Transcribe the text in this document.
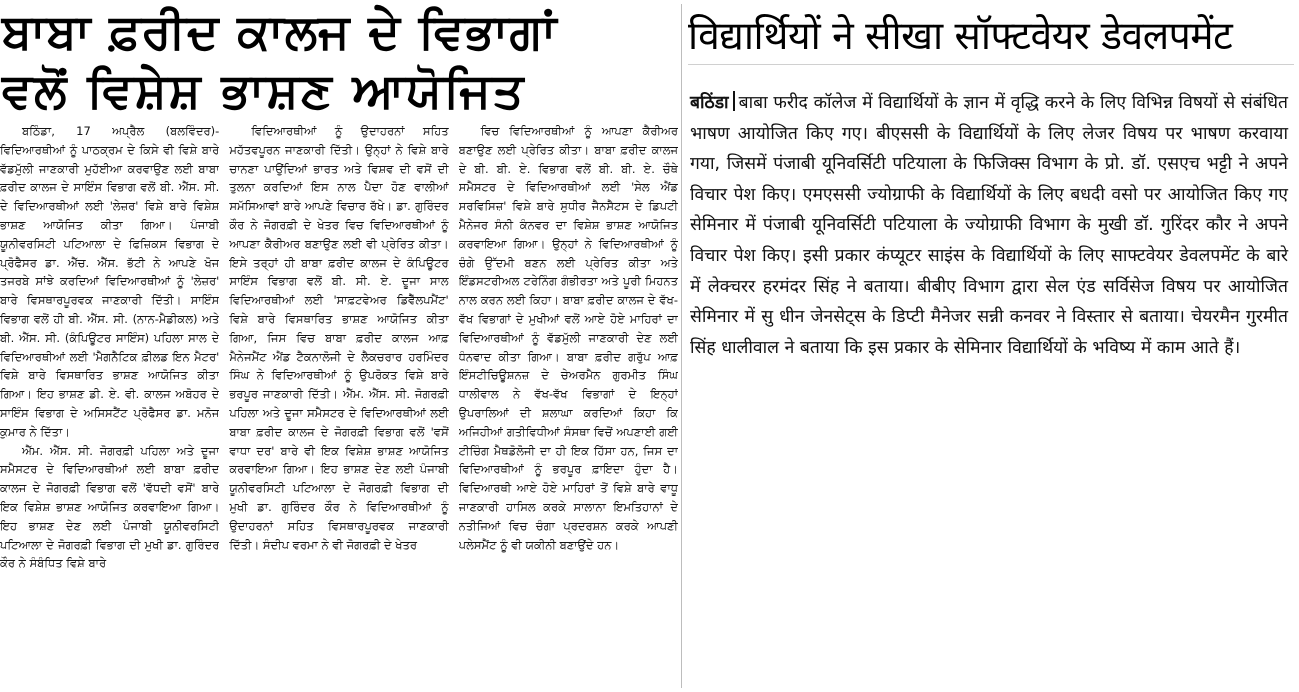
ਬਾਬਾ ਫ਼ਰੀਦ ਕਾਲਜ ਦੇ ਵਿਭਾਗਾਂ
ਵਲੋਂ ਵਿਸ਼ੇਸ਼ ਭਾਸ਼ਣ ਆਯੋਜਿਤ

ਬਠਿੰਡਾ, 17 ਅਪ੍ਰੈਲ (ਬਲਵਿੰਦਰ)- ਵਿਦਿਆਰਥੀਆਂ ਨੂੰ ਪਾਠਕ੍ਰਮ ਦੇ ਕਿਸੇ ਵੀ ਵਿਸ਼ੇ ਬਾਰੇ ਵੱਡਮੁੱਲੀ ਜਾਣਕਾਰੀ ਮੁਹੱਈਆ ਕਰਵਾਉਣ ਲਈ ਬਾਬਾ ਫ਼ਰੀਦ ਕਾਲਜ ਦੇ ਸਾਇੰਸ ਵਿਭਾਗ ਵਲੋਂ ਬੀ. ਐੱਸ. ਸੀ. ਦੇ ਵਿਦਿਆਰਥੀਆਂ ਲਈ 'ਲੇਜ਼ਰ' ਵਿਸ਼ੇ ਬਾਰੇ ਵਿਸ਼ੇਸ਼ ਭਾਸ਼ਣ ਆਯੋਜਿਤ ਕੀਤਾ ਗਿਆ। ਪੰਜਾਬੀ ਯੂਨੀਵਰਸਿਟੀ ਪਟਿਆਲਾ ਦੇ ਫਿਜ਼ਿਕਸ ਵਿਭਾਗ ਦੇ ਪ੍ਰੋਫੈਸਰ ਡਾ. ਐੱਚ. ਐੱਸ. ਭੱਟੀ ਨੇ ਆਪਣੇ ਖੋਜ ਤਜਰਬੇ ਸਾਂਝੇ ਕਰਦਿਆਂ ਵਿਦਿਆਰਥੀਆਂ ਨੂੰ 'ਲੇਜ਼ਰ' ਬਾਰੇ ਵਿਸਥਾਰਪੂਰਵਕ ਜਾਣਕਾਰੀ ਦਿੱਤੀ। ਸਾਇੰਸ ਵਿਭਾਗ ਵਲੋਂ ਹੀ ਬੀ. ਐੱਸ. ਸੀ. (ਨਾਨ-ਮੈਡੀਕਲ) ਅਤੇ ਬੀ. ਐੱਸ. ਸੀ. (ਕੰਪਿਊਟਰ ਸਾਇੰਸ) ਪਹਿਲਾ ਸਾਲ ਦੇ ਵਿਦਿਆਰਥੀਆਂ ਲਈ 'ਮੈਗਨੈਟਿਕ ਫ਼ੀਲਡ ਇਨ ਮੈਟਰ' ਵਿਸ਼ੇ ਬਾਰੇ ਵਿਸਥਾਰਿਤ ਭਾਸ਼ਣ ਆਯੋਜਿਤ ਕੀਤਾ ਗਿਆ। ਇਹ ਭਾਸ਼ਣ ਡੀ. ਏ. ਵੀ. ਕਾਲਜ ਅਬੋਹਰ ਦੇ ਸਾਇੰਸ ਵਿਭਾਗ ਦੇ ਅਸਿਸਟੈਂਟ ਪ੍ਰੋਫੈਸਰ ਡਾ. ਮਨੋਜ ਕੁਮਾਰ ਨੇ ਦਿੱਤਾ।

ਐੱਮ. ਐੱਸ. ਸੀ. ਜੋਗਰਫ਼ੀ ਪਹਿਲਾ ਅਤੇ ਦੂਜਾ ਸਮੈਸਟਰ ਦੇ ਵਿਦਿਆਰਥੀਆਂ ਲਈ ਬਾਬਾ ਫ਼ਰੀਦ ਕਾਲਜ ਦੇ ਜੋਗਰਫ਼ੀ ਵਿਭਾਗ ਵਲੋਂ 'ਵੱਧਦੀ ਵਸੋਂ' ਬਾਰੇ ਇਕ ਵਿਸ਼ੇਸ਼ ਭਾਸ਼ਣ ਆਯੋਜਿਤ ਕਰਵਾਇਆ ਗਿਆ। ਇਹ ਭਾਸ਼ਣ ਦੇਣ ਲਈ ਪੰਜਾਬੀ ਯੂਨੀਵਰਸਿਟੀ ਪਟਿਆਲਾ ਦੇ ਜੋਗਰਫ਼ੀ ਵਿਭਾਗ ਦੀ ਮੁਖੀ ਡਾ. ਗੁਰਿੰਦਰ ਕੌਰ ਨੇ ਸੰਬੰਧਿਤ ਵਿਸ਼ੇ ਬਾਰੇ

ਵਿਦਿਆਰਥੀਆਂ ਨੂੰ ਉਦਾਹਰਨਾਂ ਸਹਿਤ ਮਹੱਤਵਪੂਰਨ ਜਾਣਕਾਰੀ ਦਿੱਤੀ। ਉਨ੍ਹਾਂ ਨੇ ਵਿਸ਼ੇ ਬਾਰੇ ਚਾਨਣਾ ਪਾਉਂਦਿਆਂ ਭਾਰਤ ਅਤੇ ਵਿਸ਼ਵ ਦੀ ਵਸੋਂ ਦੀ ਤੁਲਨਾ ਕਰਦਿਆਂ ਇਸ ਨਾਲ ਪੈਦਾ ਹੋਣ ਵਾਲੀਆਂ ਸਮੱਸਿਆਵਾਂ ਬਾਰੇ ਆਪਣੇ ਵਿਚਾਰ ਰੱਖੇ। ਡਾ. ਗੁਰਿੰਦਰ ਕੌਰ ਨੇ ਜੋਗਰਫ਼ੀ ਦੇ ਖੇਤਰ ਵਿਚ ਵਿਦਿਆਰਥੀਆਂ ਨੂੰ ਆਪਣਾ ਕੈਰੀਅਰ ਬਣਾਉਣ ਲਈ ਵੀ ਪ੍ਰੇਰਿਤ ਕੀਤਾ। ਇਸੇ ਤਰ੍ਹਾਂ ਹੀ ਬਾਬਾ ਫ਼ਰੀਦ ਕਾਲਜ ਦੇ ਕੰਪਿਊਟਰ ਸਾਇੰਸ ਵਿਭਾਗ ਵਲੋਂ ਬੀ. ਸੀ. ਏ. ਦੂਜਾ ਸਾਲ ਵਿਦਿਆਰਥੀਆਂ ਲਈ 'ਸਾਫ਼ਟਵੇਅਰ ਡਿਵੈੱਲਪਮੈਂਟ' ਵਿਸ਼ੇ ਬਾਰੇ ਵਿਸਥਾਰਿਤ ਭਾਸ਼ਣ ਆਯੋਜਿਤ ਕੀਤਾ ਗਿਆ, ਜਿਸ ਵਿਚ ਬਾਬਾ ਫ਼ਰੀਦ ਕਾਲਜ ਆਫ਼ ਮੈਨੇਜਮੈਂਟ ਐਂਡ ਟੈਕਨਾਲੋਜੀ ਦੇ ਲੈਕਚਰਾਰ ਹਰਮਿੰਦਰ ਸਿੰਘ ਨੇ ਵਿਦਿਆਰਥੀਆਂ ਨੂੰ ਉਪਰੋਕਤ ਵਿਸ਼ੇ ਬਾਰੇ ਭਰਪੂਰ ਜਾਣਕਾਰੀ ਦਿੱਤੀ। ਐੱਮ. ਐੱਸ. ਸੀ. ਜੋਗਰਫ਼ੀ ਪਹਿਲਾ ਅਤੇ ਦੂਜਾ ਸਮੈਸਟਰ ਦੇ ਵਿਦਿਆਰਥੀਆਂ ਲਈ ਬਾਬਾ ਫ਼ਰੀਦ ਕਾਲਜ ਦੇ ਜੋਗਰਫ਼ੀ ਵਿਭਾਗ ਵਲੋਂ 'ਵਸੋਂ ਵਾਧਾ ਦਰ' ਬਾਰੇ ਵੀ ਇਕ ਵਿਸ਼ੇਸ਼ ਭਾਸ਼ਣ ਆਯੋਜਿਤ ਕਰਵਾਇਆ ਗਿਆ। ਇਹ ਭਾਸ਼ਣ ਦੇਣ ਲਈ ਪੰਜਾਬੀ ਯੂਨੀਵਰਸਿਟੀ ਪਟਿਆਲਾ ਦੇ ਜੋਗਰਫ਼ੀ ਵਿਭਾਗ ਦੀ ਮੁਖੀ ਡਾ. ਗੁਰਿੰਦਰ ਕੌਰ ਨੇ ਵਿਦਿਆਰਥੀਆਂ ਨੂੰ ਉਦਾਹਰਨਾਂ ਸਹਿਤ ਵਿਸਥਾਰਪੂਰਵਕ ਜਾਣਕਾਰੀ ਦਿੱਤੀ। ਸੰਦੀਪ ਵਰਮਾ ਨੇ ਵੀ ਜੋਗਰਫ਼ੀ ਦੇ ਖੇਤਰ

ਵਿਚ ਵਿਦਿਆਰਥੀਆਂ ਨੂੰ ਆਪਣਾ ਕੈਰੀਅਰ ਬਣਾਉਣ ਲਈ ਪ੍ਰੇਰਿਤ ਕੀਤਾ। ਬਾਬਾ ਫ਼ਰੀਦ ਕਾਲਜ ਦੇ ਬੀ. ਬੀ. ਏ. ਵਿਭਾਗ ਵਲੋਂ ਬੀ. ਬੀ. ਏ. ਚੌਥੇ ਸਮੈਸਟਰ ਦੇ ਵਿਦਿਆਰਥੀਆਂ ਲਈ 'ਸੇਲ ਐਂਡ ਸਰਵਿਸਿਜ਼' ਵਿਸ਼ੇ ਬਾਰੇ ਸੁਧੀਰ ਜੈਨਸੈਟਸ ਦੇ ਡਿਪਟੀ ਮੈਨੇਜਰ ਸੰਨੀ ਕੰਨਵਰ ਦਾ ਵਿਸ਼ੇਸ਼ ਭਾਸ਼ਣ ਆਯੋਜਿਤ ਕਰਵਾਇਆ ਗਿਆ। ਉਨ੍ਹਾਂ ਨੇ ਵਿਦਿਆਰਥੀਆਂ ਨੂੰ ਚੰਗੇ ਉੱਦਮੀ ਬਣਨ ਲਈ ਪ੍ਰੇਰਿਤ ਕੀਤਾ ਅਤੇ ਇੰਡਸਟਰੀਅਲ ਟਰੇਨਿੰਗ ਗੰਭੀਰਤਾ ਅਤੇ ਪੂਰੀ ਮਿਹਨਤ ਨਾਲ ਕਰਨ ਲਈ ਕਿਹਾ। ਬਾਬਾ ਫ਼ਰੀਦ ਕਾਲਜ ਦੇ ਵੱਖ-ਵੱਖ ਵਿਭਾਗਾਂ ਦੇ ਮੁਖੀਆਂ ਵਲੋਂ ਆਏ ਹੋਏ ਮਾਹਿਰਾਂ ਦਾ ਵਿਦਿਆਰਥੀਆਂ ਨੂੰ ਵੱਡਮੁੱਲੀ ਜਾਣਕਾਰੀ ਦੇਣ ਲਈ ਧੰਨਵਾਦ ਕੀਤਾ ਗਿਆ। ਬਾਬਾ ਫ਼ਰੀਦ ਗਰੁੱਪ ਆਫ਼ ਇੰਸਟੀਚਿਊਸ਼ਨਜ਼ ਦੇ ਚੇਅਰਮੈਨ ਗੁਰਮੀਤ ਸਿੰਘ ਧਾਲੀਵਾਲ ਨੇ ਵੱਖ-ਵੱਖ ਵਿਭਾਗਾਂ ਦੇ ਇਨ੍ਹਾਂ ਉਪਰਾਲਿਆਂ ਦੀ ਸ਼ਲਾਘਾ ਕਰਦਿਆਂ ਕਿਹਾ ਕਿ ਅਜਿਹੀਆਂ ਗਤੀਵਿਧੀਆਂ ਸੰਸਥਾ ਵਿਚੋਂ ਅਪਣਾਈ ਗਈ ਟੀਚਿੰਗ ਮੈਥਡੋਲੋਜੀ ਦਾ ਹੀ ਇਕ ਹਿੱਸਾ ਹਨ, ਜਿਸ ਦਾ ਵਿਦਿਆਰਥੀਆਂ ਨੂੰ ਭਰਪੂਰ ਫ਼ਾਇਦਾ ਹੁੰਦਾ ਹੈ। ਵਿਦਿਆਰਥੀ ਆਏ ਹੋਏ ਮਾਹਿਰਾਂ ਤੋਂ ਵਿਸ਼ੇ ਬਾਰੇ ਵਾਧੂ ਜਾਣਕਾਰੀ ਹਾਸਿਲ ਕਰਕੇ ਸਾਲਾਨਾ ਇਮਤਿਹਾਨਾਂ ਦੇ ਨਤੀਜਿਆਂ ਵਿਚ ਚੰਗਾ ਪ੍ਰਦਰਸ਼ਨ ਕਰਕੇ ਆਪਣੀ ਪਲੇਸਮੈਂਟ ਨੂੰ ਵੀ ਯਕੀਨੀ ਬਣਾਉਂਦੇ ਹਨ।

विद्यार्थियों ने सीखा सॉफ्टवेयर डेवलपमेंट

बठिंडा बाबा फरीद कॉलेज में विद्यार्थियों के ज्ञान में वृद्धि करने के लिए विभिन्न विषयों से संबंधित भाषण आयोजित किए गए। बीएससी के विद्यार्थियों के लिए लेजर विषय पर भाषण करवाया गया, जिसमें पंजाबी यूनिवर्सिटी पटियाला के फिजिक्स विभाग के प्रो. डॉ. एसएच भट्टी ने अपने विचार पेश किए। एमएससी ज्योग्राफी के विद्यार्थियों के लिए बधदी वसो पर आयोजित किए गए सेमिनार में पंजाबी यूनिवर्सिटी पटियाला के ज्योग्राफी विभाग के मुखी डॉ. गुरिंदर कौर ने अपने विचार पेश किए। इसी प्रकार कंप्यूटर साइंस के विद्यार्थियों के लिए साफ्टवेयर डेवलपमेंट के बारे में लेक्चरर हरमंदर सिंह ने बताया। बीबीए विभाग द्वारा सेल एंड सर्विसेज विषय पर आयोजित सेमिनार में सु धीन जेनसेट्स के डिप्टी मैनेजर सन्नी कनवर ने विस्तार से बताया। चेयरमैन गुरमीत सिंह धालीवाल ने बताया कि इस प्रकार के सेमिनार विद्यार्थियों के भविष्य में काम आते हैं।
